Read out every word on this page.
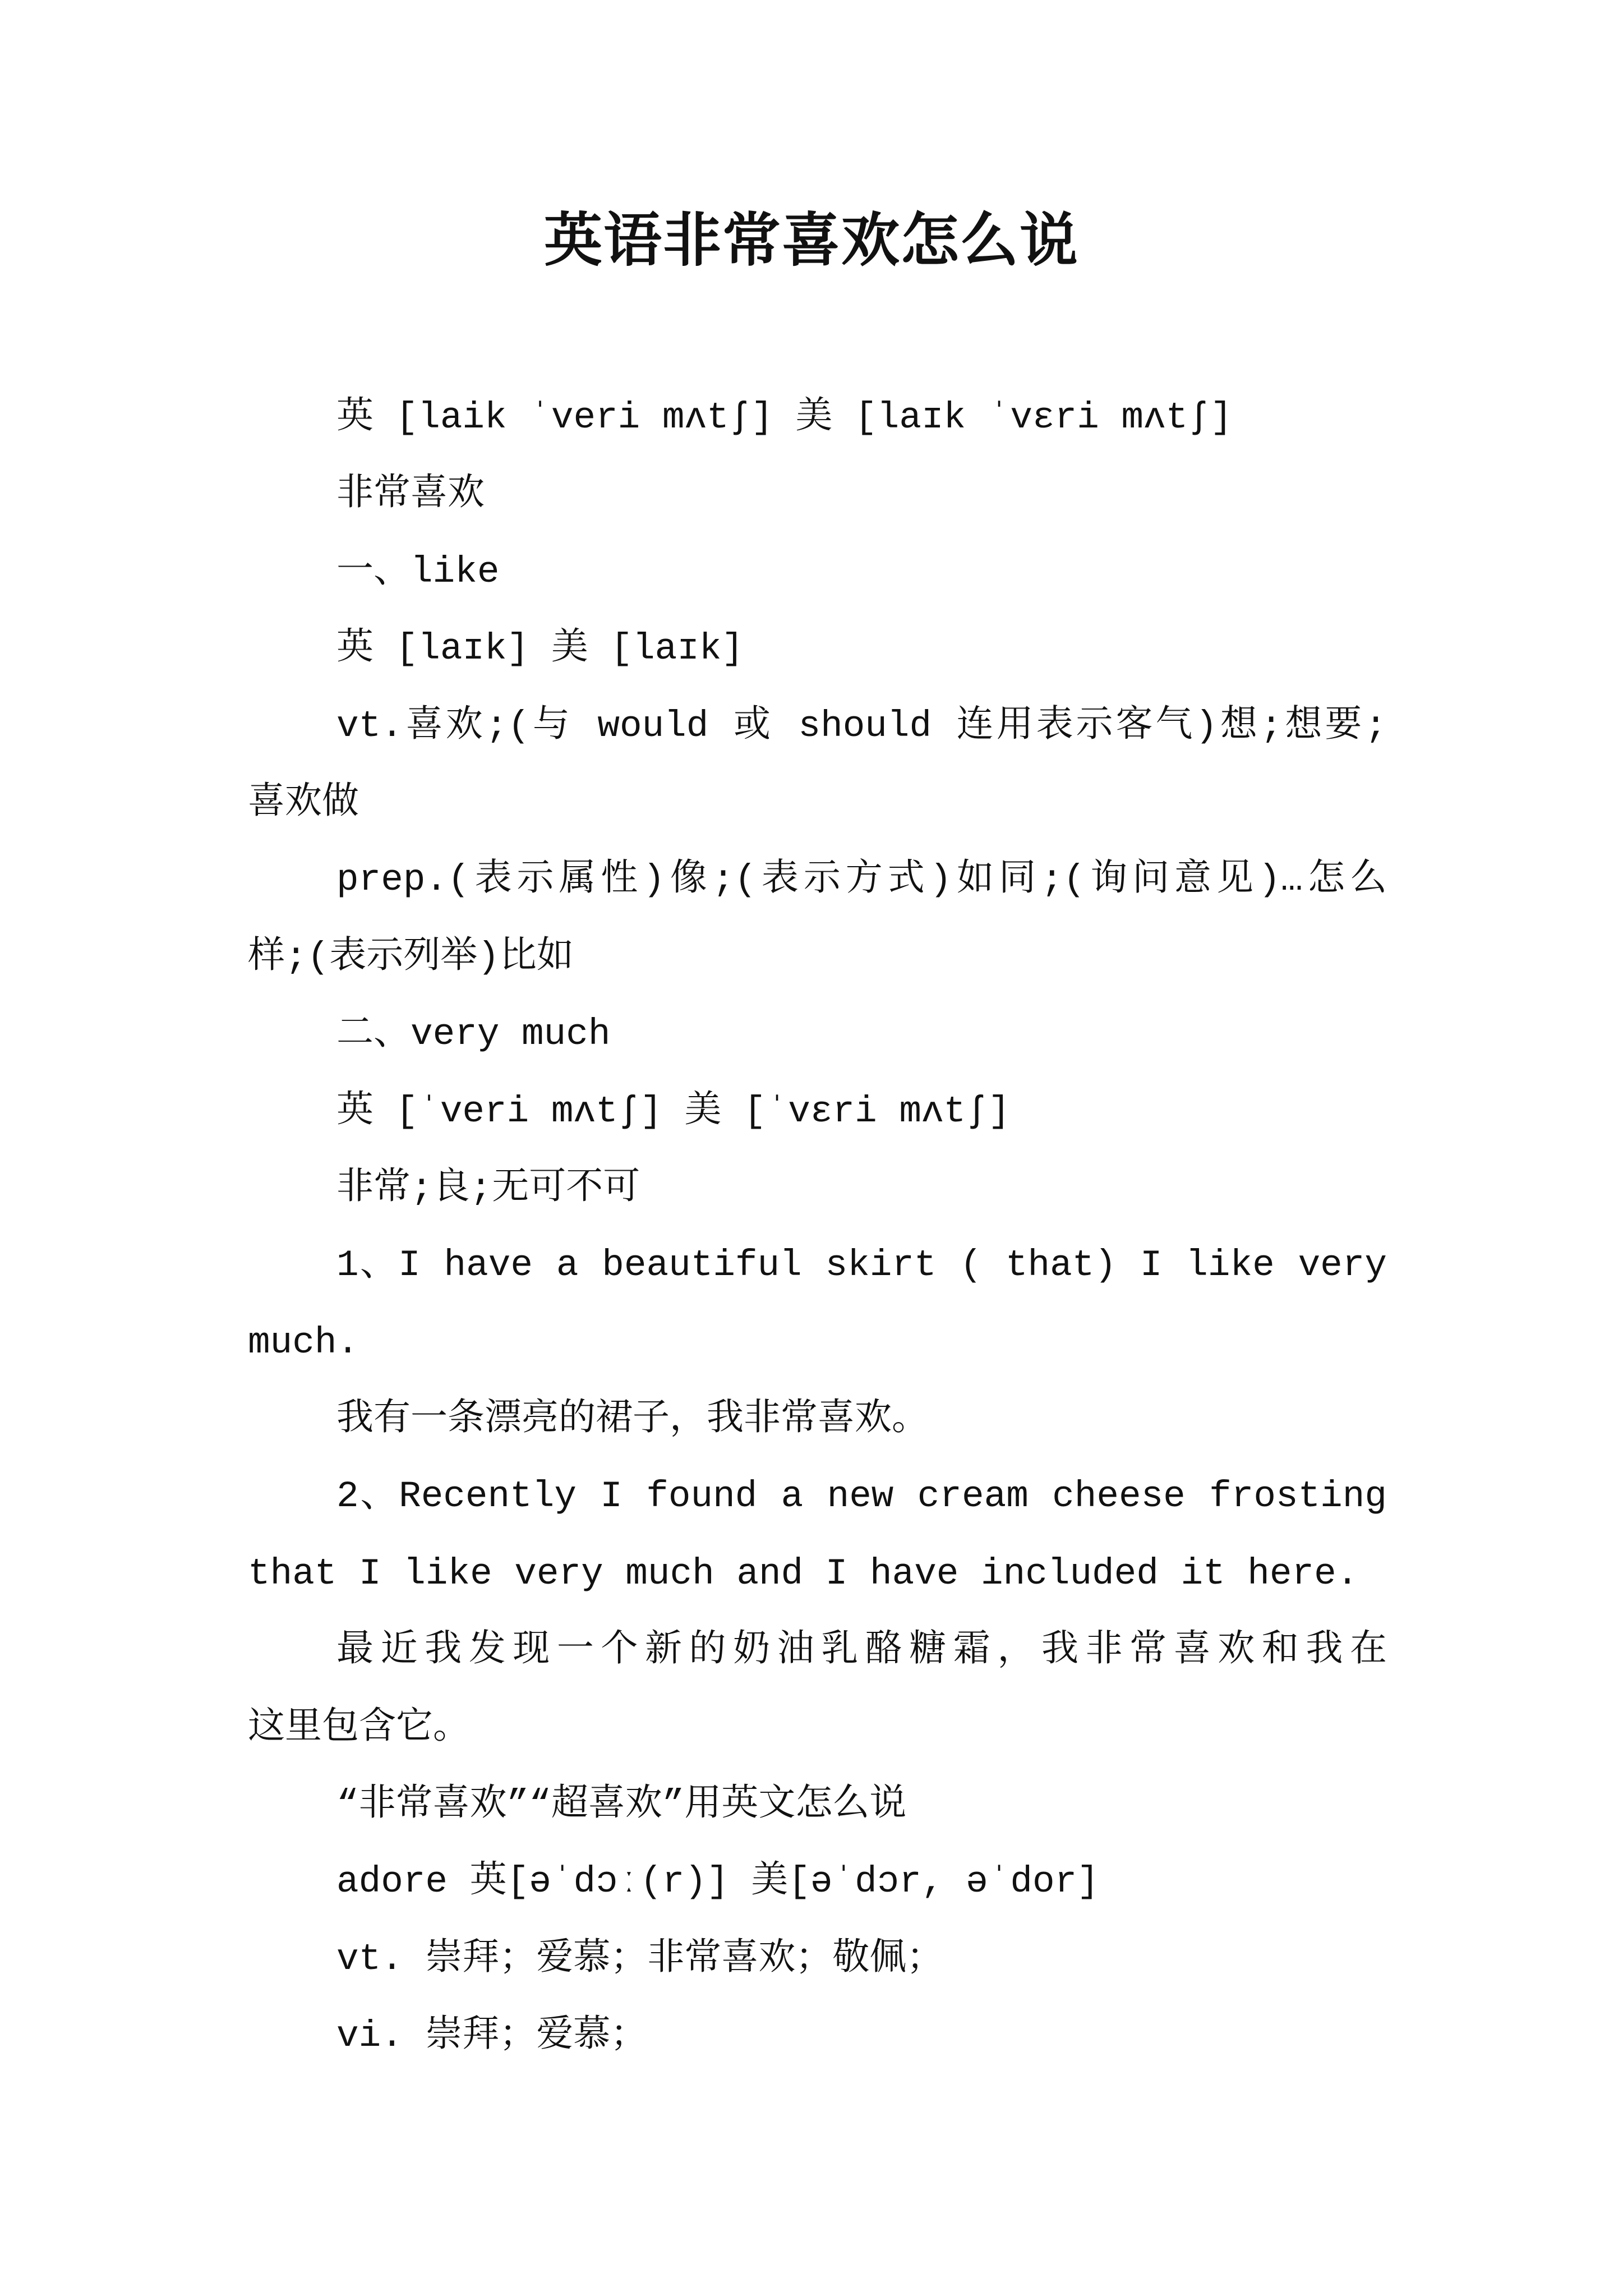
英语非常喜欢怎么说
英 [laik ˈveri mʌtʃ] 美 [laɪk ˈvɛri mʌtʃ]
非常喜欢
一、like
英 [laɪk] 美 [laɪk]
vt.喜欢;(与 would 或 should 连用表示客气)想;想要;
喜欢做
prep.(表示属性)像;(表示方式)如同;(询问意见)…怎么
样;(表示列举)比如
二、very much
英 [ˈveri mʌtʃ] 美 [ˈvɛri mʌtʃ]
非常;良;无可不可
1、I have a beautiful skirt ( that) I like very
much.
我有一条漂亮的裙子，我非常喜欢。
2、Recently I found a new cream cheese frosting
that I like very much and I have included it here.
最近我发现一个新的奶油乳酪糖霜，我非常喜欢和我在
这里包含它。
“非常喜欢”“超喜欢”用英文怎么说
adore 英[əˈdɔː(r)] 美[əˈdɔr, əˈdor]
vt. 崇拜；爱慕；非常喜欢；敬佩；
vi. 崇拜；爱慕；
